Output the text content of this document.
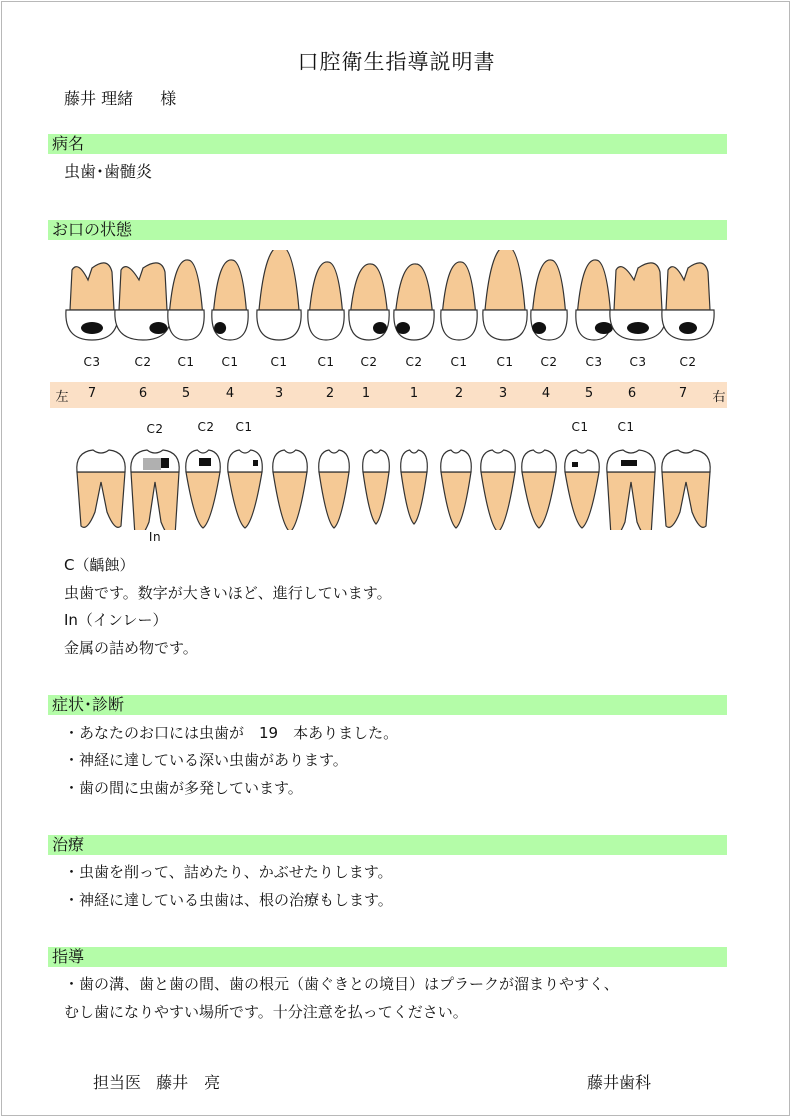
口腔衛生指導説明書
藤井 理緒 様
病名
虫歯･歯髄炎
お口の状態
C3	C2 C1 C1	C1 C1 C2 C2 C1 C1 C2 C3 C3	C2
左	右
7	6	5	4	3	2 1	1	2	3	4	5	6	7
C2	C2 C1	C1 C1
In
C（齲蝕）
虫歯です。数字が大きいほど、進行しています。
In（インレー）
金属の詰め物です。
症状･診断
・あなたのお口には虫歯が　19　本ありました。
・神経に達している深い虫歯があります。
・歯の間に虫歯が多発しています。
治療
・虫歯を削って、詰めたり、かぶせたりします。
・神経に達している虫歯は、根の治療もします。
指導
・歯の溝、歯と歯の間、歯の根元（歯ぐきとの境目）はプラークが溜まりやすく、
むし歯になりやすい場所です。十分注意を払ってください。
担当医 藤井　亮	藤井歯科
